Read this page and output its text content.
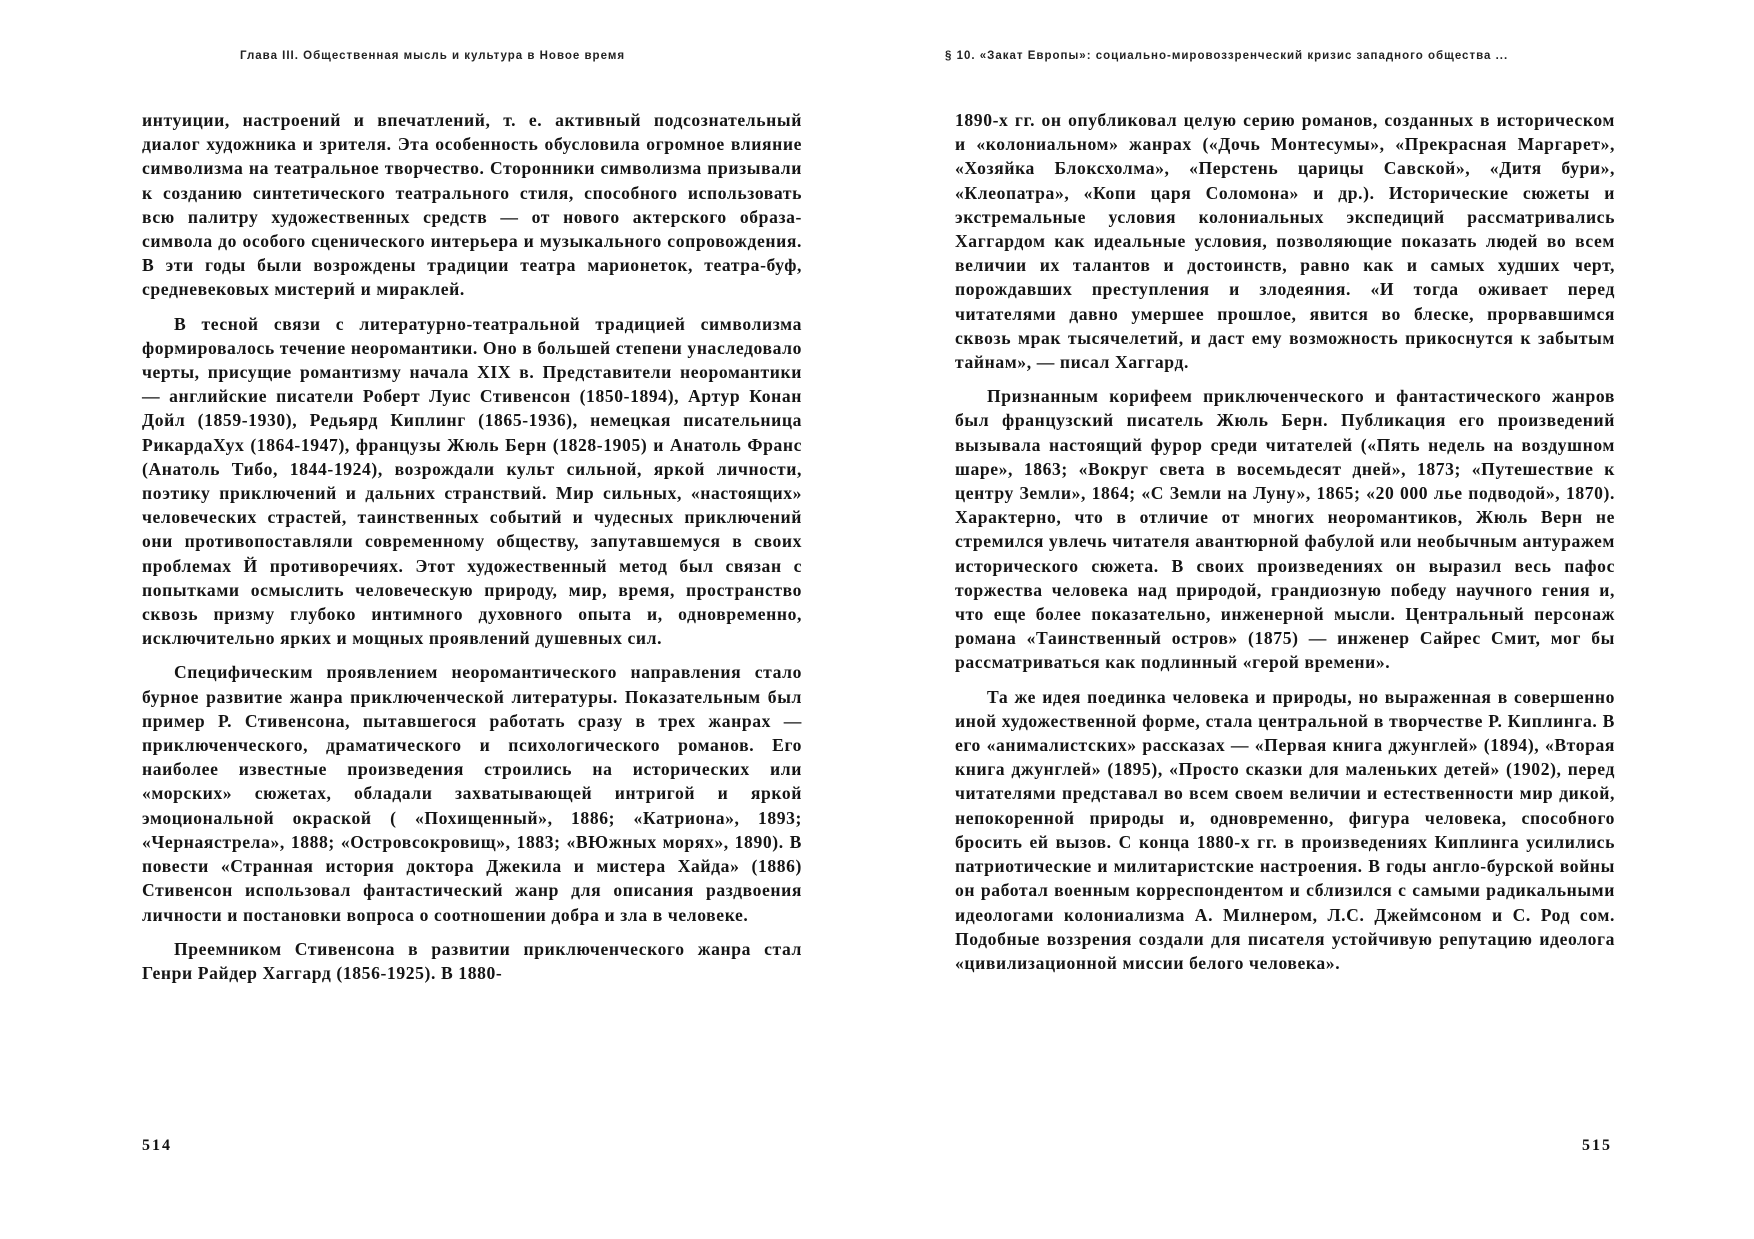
Глава III. Общественная мысль и культура в Новое время

интуиции, настроений и впечатлений, т. е. активный подсознательный диалог художника и зрителя. Эта особенность обусловила огромное влияние символизма на театральное творчество. Сторонники символизма призывали к созданию синтетического театрального стиля, способного использовать всю палитру художественных средств — от нового актерского образа-символа до особого сценического интерьера и музыкального сопровождения. В эти годы были возрождены традиции театра марионеток, театра-буф, средневековых мистерий и мираклей.

В тесной связи с литературно-театральной традицией символизма формировалось течение неоромантики. Оно в большей степени унаследовало черты, присущие романтизму начала XIX в. Представители неоромантики — английские писатели Роберт Луис Стивенсон (1850-1894), Артур Конан Дойл (1859-1930), Редьярд Киплинг (1865-1936), немецкая писательница РикардаХух (1864-1947), французы Жюль Берн (1828-1905) и Анатоль Франс (Анатоль Тибо, 1844-1924), возрождали культ сильной, яркой личности, поэтику приключений и дальних странствий. Мир сильных, «настоящих» человеческих страстей, таинственных событий и чудесных приключений они противопоставляли современному обществу, запутавшемуся в своих проблемах Й противоречиях. Этот художественный метод был связан с попытками осмыслить человеческую природу, мир, время, пространство сквозь призму глубоко интимного духовного опыта и, одновременно, исключительно ярких и мощных проявлений душевных сил.

Специфическим проявлением неоромантического направления стало бурное развитие жанра приключенческой литературы. Показательным был пример Р. Стивенсона, пытавшегося работать сразу в трех жанрах — приключенческого, драматического и психологического романов. Его наиболее известные произведения строились на исторических или «морских» сюжетах, обладали захватывающей интригой и яркой эмоциональной окраской ( «Похищенный», 1886; «Катриона», 1893; «Чернаястрела», 1888; «Островсокровищ», 1883; «ВЮжных морях», 1890). В повести «Странная история доктора Джекила и мистера Хайда» (1886) Стивенсон использовал фантастический жанр для описания раздвоения личности и постановки вопроса о соотношении добра и зла в человеке.

Преемником Стивенсона в развитии приключенческого жанра стал Генри Райдер Хаггард (1856-1925). В 1880-

514
§ 10. «Закат Европы»: социально-мировоззренческий кризис западного общества ...

1890-х гг. он опубликовал целую серию романов, созданных в историческом и «колониальном» жанрах («Дочь Монтесумы», «Прекрасная Маргарет», «Хозяйка Блоксхолма», «Перстень царицы Савской», «Дитя бури», «Клеопатра», «Копи царя Соломона» и др.). Исторические сюжеты и экстремальные условия колониальных экспедиций рассматривались Хаггардом как идеальные условия, позволяющие показать людей во всем величии их талантов и достоинств, равно как и самых худших черт, порождавших преступления и злодеяния. «И тогда оживает перед читателями давно умершее прошлое, явится во блеске, прорвавшимся сквозь мрак тысячелетий, и даст ему возможность прикоснутся к забытым тайнам», — писал Хаггард.

Признанным корифеем приключенческого и фантастического жанров был французский писатель Жюль Берн. Публикация его произведений вызывала настоящий фурор среди читателей («Пять недель на воздушном шаре», 1863; «Вокруг света в восемьдесят дней», 1873; «Путешествие к центру Земли», 1864; «С Земли на Луну», 1865; «20 000 лье подводой», 1870). Характерно, что в отличие от многих неоромантиков, Жюль Верн не стремился увлечь читателя авантюрной фабулой или необычным антуражем исторического сюжета. В своих произведениях он выразил весь пафос торжества человека над природой, грандиозную победу научного гения и, что еще более показательно, инженерной мысли. Центральный персонаж романа «Таинственный остров» (1875) — инженер Сайрес Смит, мог бы рассматриваться как подлинный «герой времени».

Та же идея поединка человека и природы, но выраженная в совершенно иной художественной форме, стала центральной в творчестве Р. Киплинга. В его «анималистских» рассказах — «Первая книга джунглей» (1894), «Вторая книга джунглей» (1895), «Просто сказки для маленьких детей» (1902), перед читателями представал во всем своем величии и естественности мир дикой, непокоренной природы и, одновременно, фигура человека, способного бросить ей вызов. С конца 1880-х гг. в произведениях Киплинга усилились патриотические и милитаристские настроения. В годы англо-бурской войны он работал военным корреспондентом и сблизился с самыми радикальными идеологами колониализма А. Милнером, Л.С. Джеймсоном и С. Род сом. Подобные воззрения создали для писателя устойчивую репутацию идеолога «цивилизационной миссии белого человека».

515
